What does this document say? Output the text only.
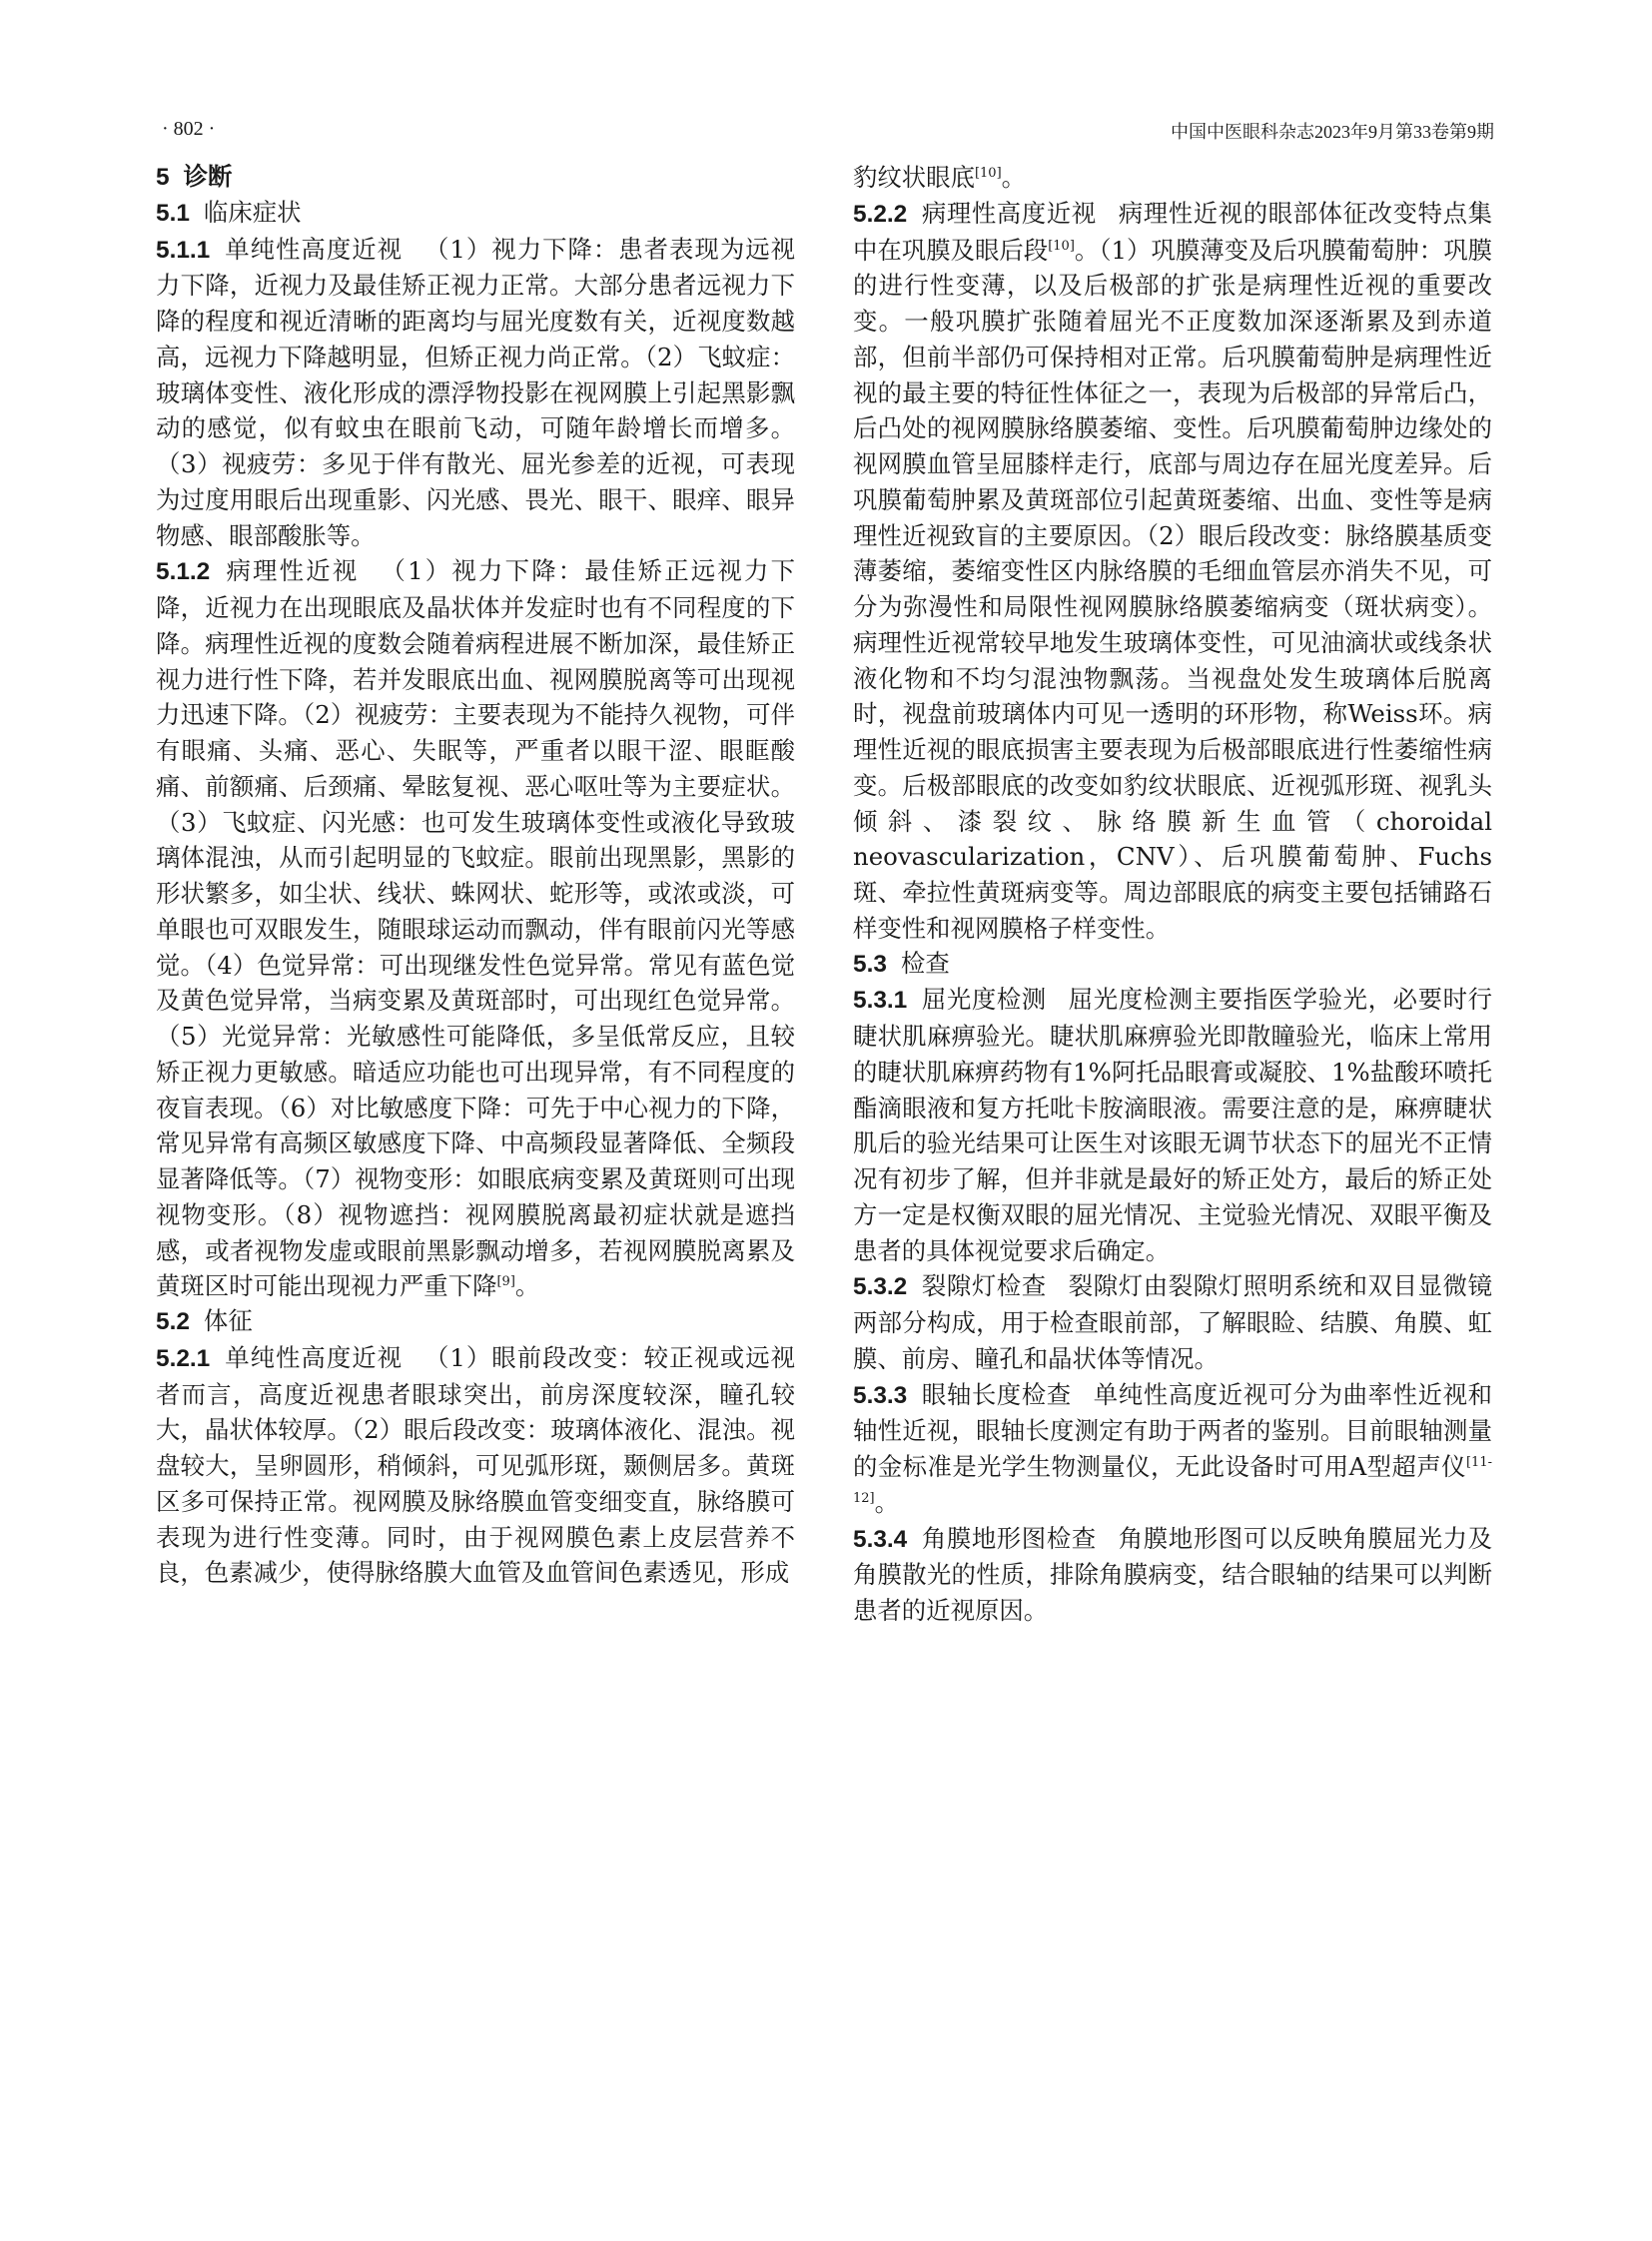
· 802 ·	中国中医眼科杂志2023年9月第33卷第9期

5 诊断

5.1 临床症状

5.1.1 单纯性高度近视 （1）视力下降：患者表现为远视力下降，近视力及最佳矫正视力正常。大部分患者远视力下降的程度和视近清晰的距离均与屈光度数有关，近视度数越高，远视力下降越明显，但矫正视力尚正常。（2）飞蚊症：玻璃体变性、液化形成的漂浮物投影在视网膜上引起黑影飘动的感觉，似有蚊虫在眼前飞动，可随年龄增长而增多。（3）视疲劳：多见于伴有散光、屈光参差的近视，可表现为过度用眼后出现重影、闪光感、畏光、眼干、眼痒、眼异物感、眼部酸胀等。

5.1.2 病理性近视 （1）视力下降：最佳矫正远视力下降，近视力在出现眼底及晶状体并发症时也有不同程度的下降。病理性近视的度数会随着病程进展不断加深，最佳矫正视力进行性下降，若并发眼底出血、视网膜脱离等可出现视力迅速下降。（2）视疲劳：主要表现为不能持久视物，可伴有眼痛、头痛、恶心、失眠等，严重者以眼干涩、眼眶酸痛、前额痛、后颈痛、晕眩复视、恶心呕吐等为主要症状。（3）飞蚊症、闪光感：也可发生玻璃体变性或液化导致玻璃体混浊，从而引起明显的飞蚊症。眼前出现黑影，黑影的形状繁多，如尘状、线状、蛛网状、蛇形等，或浓或淡，可单眼也可双眼发生，随眼球运动而飘动，伴有眼前闪光等感觉。（4）色觉异常：可出现继发性色觉异常。常见有蓝色觉及黄色觉异常，当病变累及黄斑部时，可出现红色觉异常。（5）光觉异常：光敏感性可能降低，多呈低常反应，且较矫正视力更敏感。暗适应功能也可出现异常，有不同程度的夜盲表现。（6）对比敏感度下降：可先于中心视力的下降，常见异常有高频区敏感度下降、中高频段显著降低、全频段显著降低等。（7）视物变形：如眼底病变累及黄斑则可出现视物变形。（8）视物遮挡：视网膜脱离最初症状就是遮挡感，或者视物发虚或眼前黑影飘动增多，若视网膜脱离累及黄斑区时可能出现视力严重下降[9]。

5.2 体征

5.2.1 单纯性高度近视 （1）眼前段改变：较正视或远视者而言，高度近视患者眼球突出，前房深度较深，瞳孔较大，晶状体较厚。（2）眼后段改变：玻璃体液化、混浊。视盘较大，呈卵圆形，稍倾斜，可见弧形斑，颞侧居多。黄斑区多可保持正常。视网膜及脉络膜血管变细变直，脉络膜可表现为进行性变薄。同时，由于视网膜色素上皮层营养不良，色素减少，使得脉络膜大血管及血管间色素透见，形成

豹纹状眼底[10]。

5.2.2 病理性高度近视 病理性近视的眼部体征改变特点集中在巩膜及眼后段[10]。（1）巩膜薄变及后巩膜葡萄肿：巩膜的进行性变薄，以及后极部的扩张是病理性近视的重要改变。一般巩膜扩张随着屈光不正度数加深逐渐累及到赤道部，但前半部仍可保持相对正常。后巩膜葡萄肿是病理性近视的最主要的特征性体征之一，表现为后极部的异常后凸，后凸处的视网膜脉络膜萎缩、变性。后巩膜葡萄肿边缘处的视网膜血管呈屈膝样走行，底部与周边存在屈光度差异。后巩膜葡萄肿累及黄斑部位引起黄斑萎缩、出血、变性等是病理性近视致盲的主要原因。（2）眼后段改变：脉络膜基质变薄萎缩，萎缩变性区内脉络膜的毛细血管层亦消失不见，可分为弥漫性和局限性视网膜脉络膜萎缩病变（斑状病变）。病理性近视常较早地发生玻璃体变性，可见油滴状或线条状液化物和不均匀混浊物飘荡。当视盘处发生玻璃体后脱离时，视盘前玻璃体内可见一透明的环形物，称Weiss环。病理性近视的眼底损害主要表现为后极部眼底进行性萎缩性病变。后极部眼底的改变如豹纹状眼底、近视弧形斑、视乳头倾斜、漆裂纹、脉络膜新生血管（choroidal neovascularization，CNV）、后巩膜葡萄肿、Fuchs斑、牵拉性黄斑病变等。周边部眼底的病变主要包括铺路石样变性和视网膜格子样变性。

5.3 检查

5.3.1 屈光度检测 屈光度检测主要指医学验光，必要时行睫状肌麻痹验光。睫状肌麻痹验光即散瞳验光，临床上常用的睫状肌麻痹药物有1%阿托品眼膏或凝胶、1%盐酸环喷托酯滴眼液和复方托吡卡胺滴眼液。需要注意的是，麻痹睫状肌后的验光结果可让医生对该眼无调节状态下的屈光不正情况有初步了解，但并非就是最好的矫正处方，最后的矫正处方一定是权衡双眼的屈光情况、主觉验光情况、双眼平衡及患者的具体视觉要求后确定。

5.3.2 裂隙灯检查 裂隙灯由裂隙灯照明系统和双目显微镜两部分构成，用于检查眼前部，了解眼睑、结膜、角膜、虹膜、前房、瞳孔和晶状体等情况。

5.3.3 眼轴长度检查 单纯性高度近视可分为曲率性近视和轴性近视，眼轴长度测定有助于两者的鉴别。目前眼轴测量的金标准是光学生物测量仪，无此设备时可用A型超声仪[11-12]。

5.3.4 角膜地形图检查 角膜地形图可以反映角膜屈光力及角膜散光的性质，排除角膜病变，结合眼轴的结果可以判断患者的近视原因。
